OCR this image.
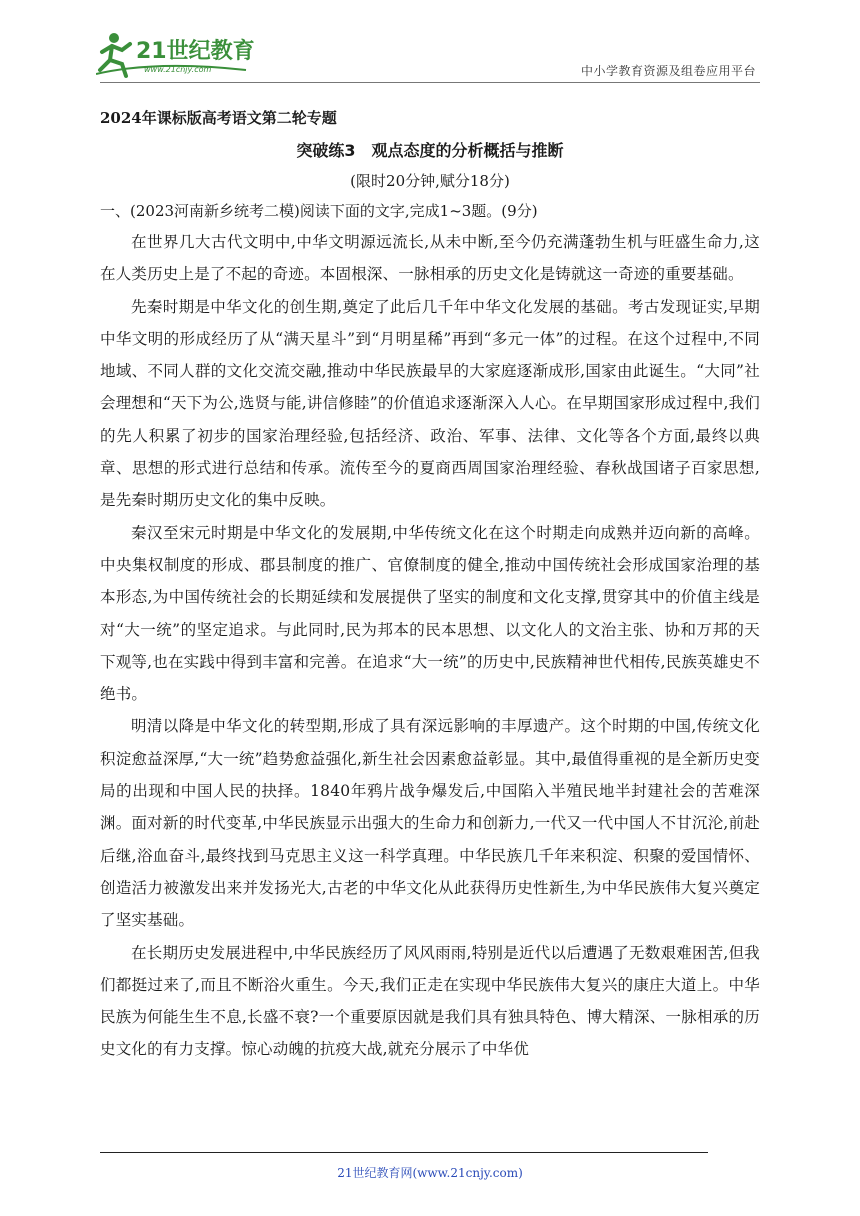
21世纪教育
www.21cnjy.com	中小学教育资源及组卷应用平台
2024年课标版高考语文第二轮专题
突破练3　观点态度的分析概括与推断
(限时20分钟,赋分18分)
一、(2023河南新乡统考二模)阅读下面的文字,完成1~3题。(9分)

在世界几大古代文明中,中华文明源远流长,从未中断,至今仍充满蓬勃生机与旺盛生命力,这在人类历史上是了不起的奇迹。本固根深、一脉相承的历史文化是铸就这一奇迹的重要基础。

先秦时期是中华文化的创生期,奠定了此后几千年中华文化发展的基础。考古发现证实,早期中华文明的形成经历了从“满天星斗”到“月明星稀”再到“多元一体”的过程。在这个过程中,不同地域、不同人群的文化交流交融,推动中华民族最早的大家庭逐渐成形,国家由此诞生。“大同”社会理想和“天下为公,选贤与能,讲信修睦”的价值追求逐渐深入人心。在早期国家形成过程中,我们的先人积累了初步的国家治理经验,包括经济、政治、军事、法律、文化等各个方面,最终以典章、思想的形式进行总结和传承。流传至今的夏商西周国家治理经验、春秋战国诸子百家思想,是先秦时期历史文化的集中反映。

秦汉至宋元时期是中华文化的发展期,中华传统文化在这个时期走向成熟并迈向新的高峰。中央集权制度的形成、郡县制度的推广、官僚制度的健全,推动中国传统社会形成国家治理的基本形态,为中国传统社会的长期延续和发展提供了坚实的制度和文化支撑,贯穿其中的价值主线是对“大一统”的坚定追求。与此同时,民为邦本的民本思想、以文化人的文治主张、协和万邦的天下观等,也在实践中得到丰富和完善。在追求“大一统”的历史中,民族精神世代相传,民族英雄史不绝书。

明清以降是中华文化的转型期,形成了具有深远影响的丰厚遗产。这个时期的中国,传统文化积淀愈益深厚,“大一统”趋势愈益强化,新生社会因素愈益彰显。其中,最值得重视的是全新历史变局的出现和中国人民的抉择。1840年鸦片战争爆发后,中国陷入半殖民地半封建社会的苦难深渊。面对新的时代变革,中华民族显示出强大的生命力和创新力,一代又一代中国人不甘沉沦,前赴后继,浴血奋斗,最终找到马克思主义这一科学真理。中华民族几千年来积淀、积聚的爱国情怀、创造活力被激发出来并发扬光大,古老的中华文化从此获得历史性新生,为中华民族伟大复兴奠定了坚实基础。

在长期历史发展进程中,中华民族经历了风风雨雨,特别是近代以后遭遇了无数艰难困苦,但我们都挺过来了,而且不断浴火重生。今天,我们正走在实现中华民族伟大复兴的康庄大道上。中华民族为何能生生不息,长盛不衰?一个重要原因就是我们具有独具特色、博大精深、一脉相承的历史文化的有力支撑。惊心动魄的抗疫大战,就充分展示了中华优

21世纪教育网(www.21cnjy.com)
